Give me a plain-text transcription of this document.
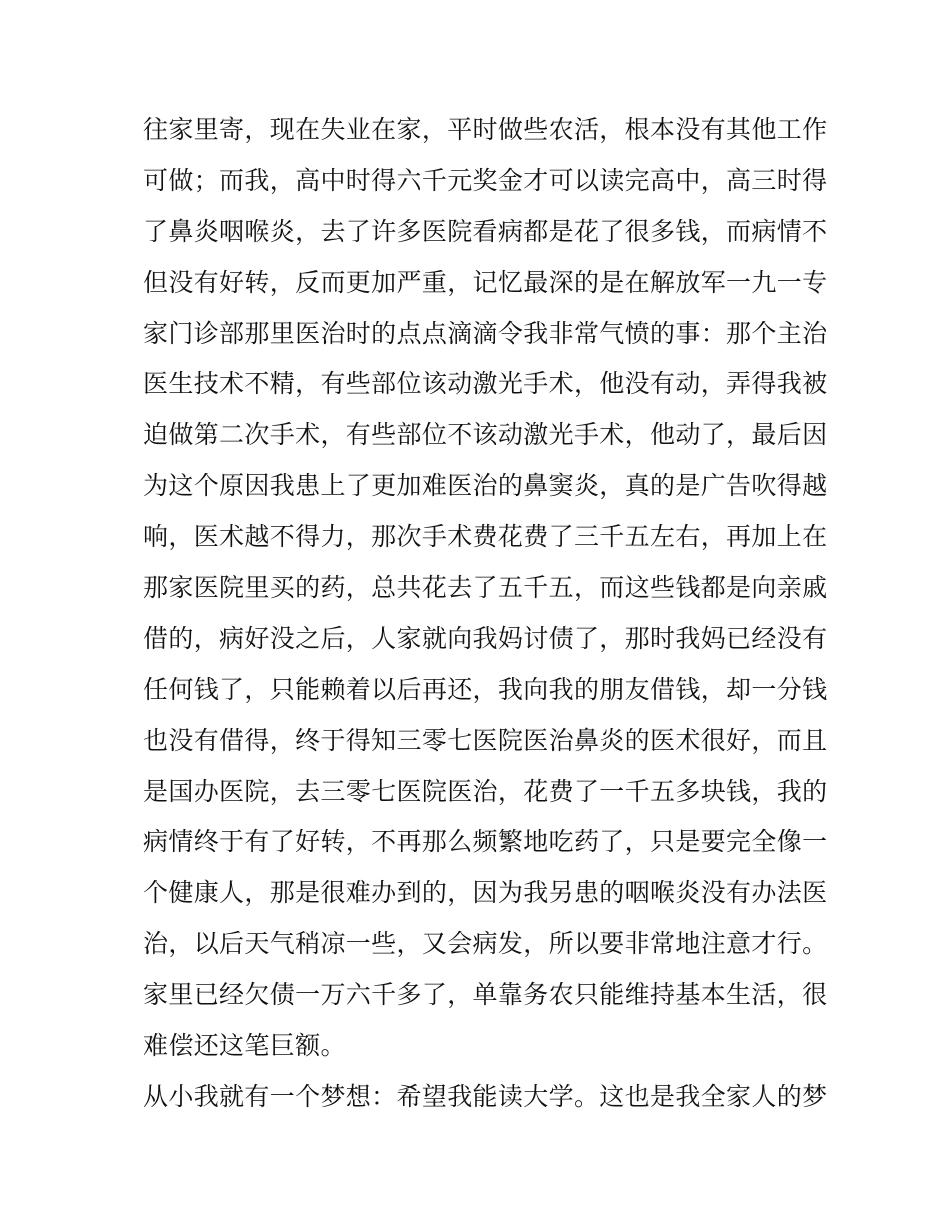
往家里寄，现在失业在家，平时做些农活，根本没有其他工作
可做；而我，高中时得六千元奖金才可以读完高中，高三时得
了鼻炎咽喉炎，去了许多医院看病都是花了很多钱，而病情不
但没有好转，反而更加严重，记忆最深的是在解放军一九一专
家门诊部那里医治时的点点滴滴令我非常气愤的事：那个主治
医生技术不精，有些部位该动激光手术，他没有动，弄得我被
迫做第二次手术，有些部位不该动激光手术，他动了，最后因
为这个原因我患上了更加难医治的鼻窦炎，真的是广告吹得越
响，医术越不得力，那次手术费花费了三千五左右，再加上在
那家医院里买的药，总共花去了五千五，而这些钱都是向亲戚
借的，病好没之后，人家就向我妈讨债了，那时我妈已经没有
任何钱了，只能赖着以后再还，我向我的朋友借钱，却一分钱
也没有借得，终于得知三零七医院医治鼻炎的医术很好，而且
是国办医院，去三零七医院医治，花费了一千五多块钱，我的
病情终于有了好转，不再那么频繁地吃药了，只是要完全像一
个健康人，那是很难办到的，因为我另患的咽喉炎没有办法医
治，以后天气稍凉一些，又会病发，所以要非常地注意才行。
家里已经欠债一万六千多了，单靠务农只能维持基本生活，很
难偿还这笔巨额。
从小我就有一个梦想：希望我能读大学。这也是我全家人的梦
